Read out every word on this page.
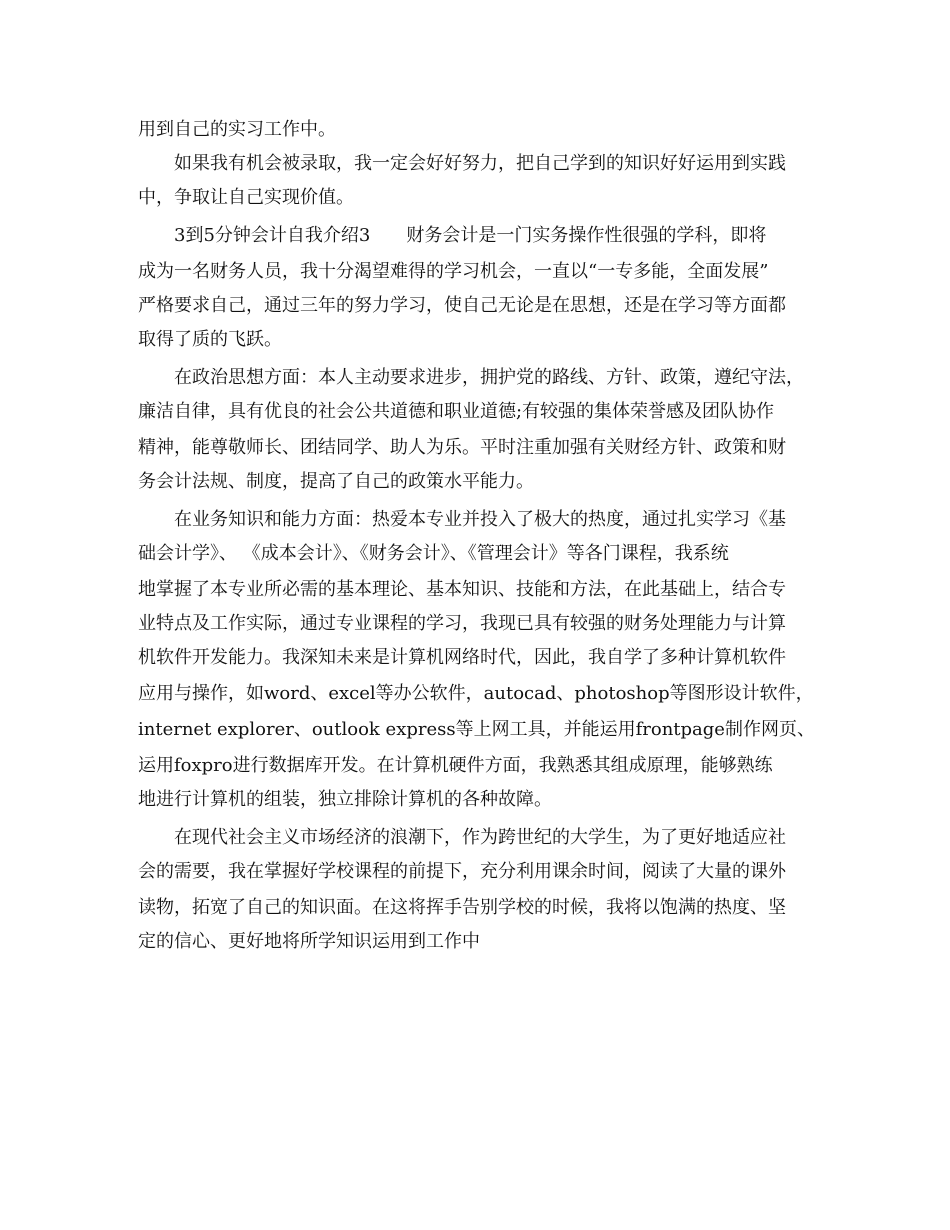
用到自己的实习工作中。
如果我有机会被录取，我一定会好好努力，把自己学到的知识好好运用到实践
中，争取让自己实现价值。
3到5分钟会计自我介绍3　　财务会计是一门实务操作性很强的学科，即将
成为一名财务人员，我十分渴望难得的学习机会，一直以“一专多能，全面发展”
严格要求自己，通过三年的努力学习，使自己无论是在思想，还是在学习等方面都
取得了质的飞跃。
在政治思想方面：本人主动要求进步，拥护党的路线、方针、政策，遵纪守法，
廉洁自律，具有优良的社会公共道德和职业道德;有较强的集体荣誉感及团队协作
精神，能尊敬师长、团结同学、助人为乐。平时注重加强有关财经方针、政策和财
务会计法规、制度，提高了自己的政策水平能力。
在业务知识和能力方面：热爱本专业并投入了极大的热度，通过扎实学习《基
础会计学》、 《成本会计》、《财务会计》、《管理会计》等各门课程，我系统
地掌握了本专业所必需的基本理论、基本知识、技能和方法，在此基础上，结合专
业特点及工作实际，通过专业课程的学习，我现已具有较强的财务处理能力与计算
机软件开发能力。我深知未来是计算机网络时代，因此，我自学了多种计算机软件
应用与操作，如word、excel等办公软件，autocad、photoshop等图形设计软件，
internet explorer、outlook express等上网工具，并能运用frontpage制作网页、
运用foxpro进行数据库开发。在计算机硬件方面，我熟悉其组成原理，能够熟练
地进行计算机的组装，独立排除计算机的各种故障。
在现代社会主义市场经济的浪潮下，作为跨世纪的大学生，为了更好地适应社
会的需要，我在掌握好学校课程的前提下，充分利用课余时间，阅读了大量的课外
读物，拓宽了自己的知识面。在这将挥手告别学校的时候，我将以饱满的热度、坚
定的信心、更好地将所学知识运用到工作中
